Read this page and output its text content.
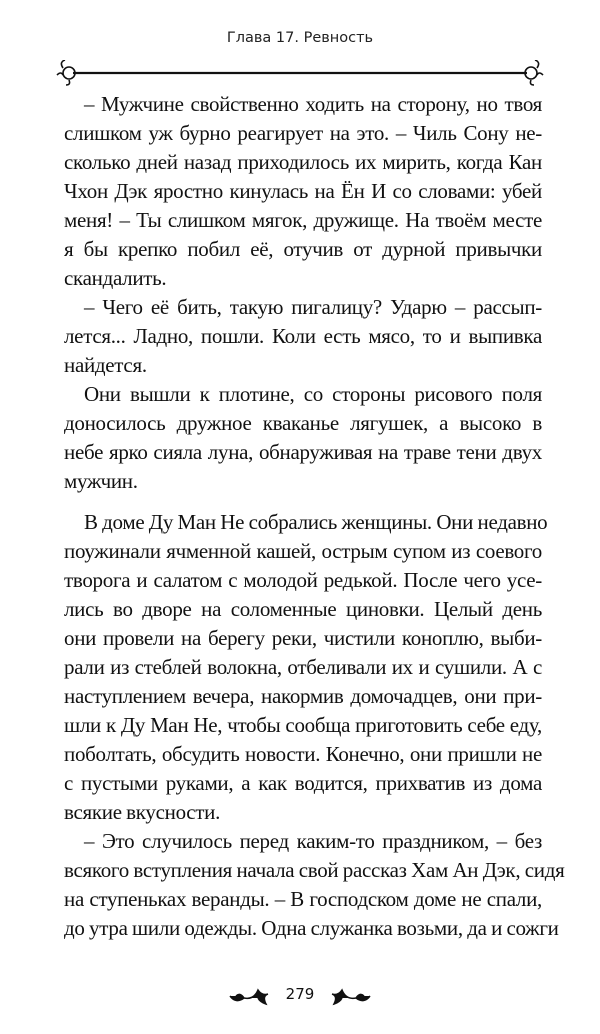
Глава 17. Ревность
– Мужчине свойственно ходить на сторону, но твоя
слишком уж бурно реагирует на это. – Чиль Сону не-
сколько дней назад приходилось их мирить, когда Кан
Чхон Дэк яростно кинулась на Ён И со словами: убей
меня! – Ты слишком мягок, дружище. На твоём месте
я бы крепко побил её, отучив от дурной привычки
скандалить.
– Чего её бить, такую пигалицу? Ударю – рассып-
лется... Ладно, пошли. Коли есть мясо, то и выпивка
найдется.
Они вышли к плотине, со стороны рисового поля
доносилось дружное кваканье лягушек, а высоко в
небе ярко сияла луна, обнаруживая на траве тени двух
мужчин.
В доме Ду Ман Не собрались женщины. Они недавно
поужинали ячменной кашей, острым супом из соевого
творога и салатом с молодой редькой. После чего усе-
лись во дворе на соломенные циновки. Целый день
они провели на берегу реки, чистили коноплю, выби-
рали из стеблей волокна, отбеливали их и сушили. А с
наступлением вечера, накормив домочадцев, они при-
шли к Ду Ман Не, чтобы сообща приготовить себе еду,
поболтать, обсудить новости. Конечно, они пришли не
с пустыми руками, а как водится, прихватив из дома
всякие вкусности.
– Это случилось перед каким-то праздником, – без
всякого вступления начала свой рассказ Хам Ан Дэк, сидя
на ступеньках веранды. – В господском доме не спали,
до утра шили одежды. Одна служанка возьми, да и сожги
279
